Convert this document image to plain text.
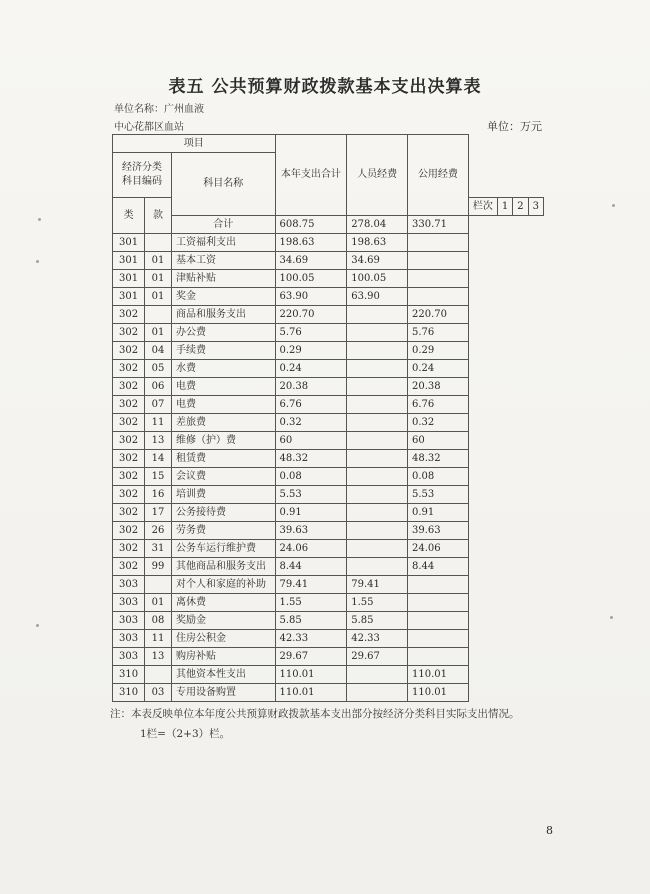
表五 公共预算财政拨款基本支出决算表
单位名称：广州血液
中心花都区血站	单位：万元
项目			本年支出合计	人员经费	公用经费				
经济分类科目编码		科目名称							
类	款					栏次	1	2	3
		合计	608.75	278.04	330.71				
301		工资福利支出	198.63	198.63					
301	01	基本工资	34.69	34.69					
301	01	津贴补贴	100.05	100.05					
301	01	奖金	63.90	63.90					
302		商品和服务支出	220.70		220.70				
302	01	办公费	5.76		5.76				
302	04	手续费	0.29		0.29				
302	05	水费	0.24		0.24				
302	06	电费	20.38		20.38				
302	07	电费	6.76		6.76				
302	11	差旅费	0.32		0.32				
302	13	维修（护）费	60		60				
302	14	租赁费	48.32		48.32				
302	15	会议费	0.08		0.08				
302	16	培训费	5.53		5.53				
302	17	公务接待费	0.91		0.91				
302	26	劳务费	39.63		39.63				
302	31	公务车运行维护费	24.06		24.06				
302	99	其他商品和服务支出	8.44		8.44				
303		对个人和家庭的补助	79.41	79.41					
303	01	离休费	1.55	1.55					
303	08	奖励金	5.85	5.85					
303	11	住房公积金	42.33	42.33					
303	13	购房补贴	29.67	29.67					
310		其他资本性支出	110.01		110.01				
310	03	专用设备购置	110.01		110.01				
注：本表反映单位本年度公共预算财政拨款基本支出部分按经济分类科目实际支出情况。
1栏=（2+3）栏。
8
